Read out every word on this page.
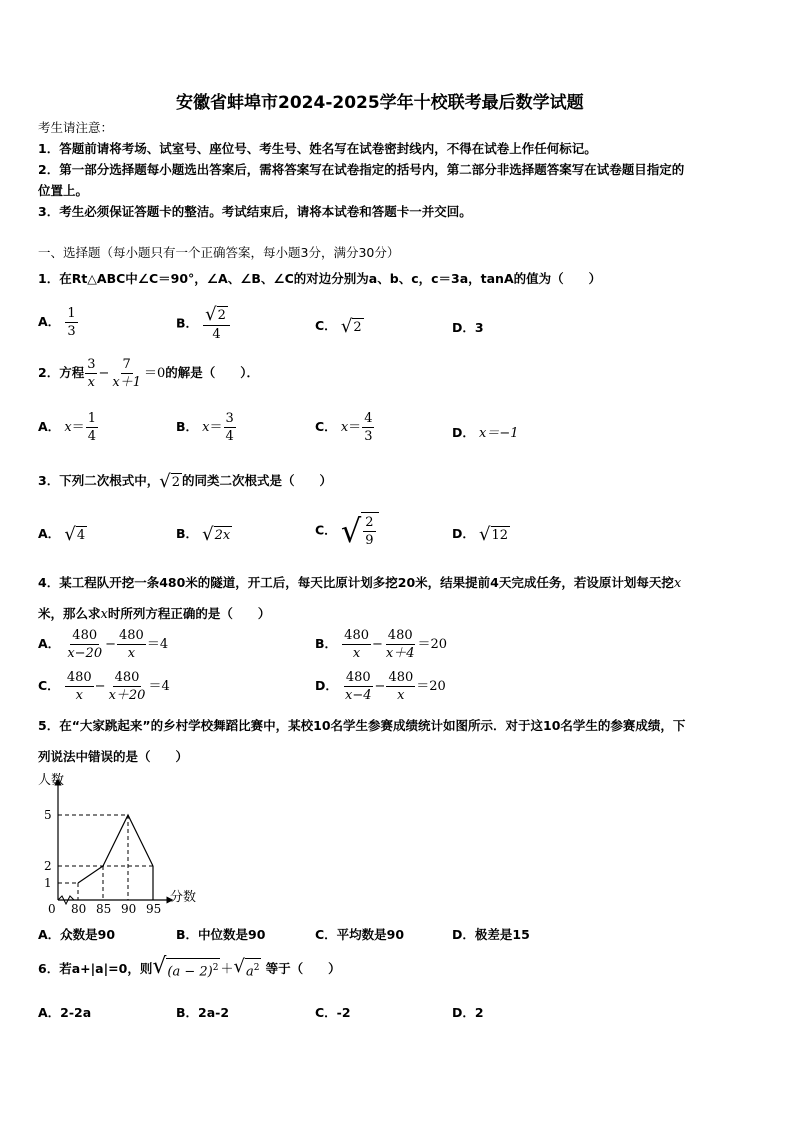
安徽省蚌埠市2024-2025学年十校联考最后数学试题
考生请注意：
1．答题前请将考场、试室号、座位号、考生号、姓名写在试卷密封线内，不得在试卷上作任何标记。
2．第一部分选择题每小题选出答案后，需将答案写在试卷指定的括号内，第二部分非选择题答案写在试卷题目指定的
位置上。
3．考生必须保证答题卡的整洁。考试结束后，请将本试卷和答题卡一并交回。
一、选择题（每小题只有一个正确答案，每小题3分，满分30分）
1．在Rt△ABC中∠C＝90°，∠A、∠B、∠C的对边分别为a、b、c，c＝3a，tanA的值为（　　）
A． $\frac{1}{3}$	B． $\frac{√ 2}{4}$	C． √ 2	D．3
2．方程 $\frac{3}{x} - \frac{7}{x+1} =0$的解是（　　）．
A． $x= \frac{1}{4}$	B． $x= \frac{3}{4}$	C． $x= \frac{4}{3}$	D． x＝−1
3．下列二次根式中， √ 2 的同类二次根式是（　　）
A． √ 4	B． √ 2x	C． √ $\frac{2}{9}$	D． √ 12
4．某工程队开挖一条480米的隧道，开工后，每天比原计划多挖20米，结果提前4天完成任务，若设原计划每天挖x
米，那么求x时所列方程正确的是（　　）
A． $\frac{480}{x-20} - \frac{480}{x} =4$	B． $\frac{480}{x} - \frac{480}{x+4} =20$
C． $\frac{480}{x} - \frac{480}{x+20} =4$	D． $\frac{480}{x-4} - \frac{480}{x} =20$
5．在“大家跳起来”的乡村学校舞蹈比赛中，某校10名学生参赛成绩统计如图所示．对于这10名学生的参赛成绩，下
列说法中错误的是（　　）
人数
分数
0 80 85 90 95
1
2
5
A．众数是90	B．中位数是90	C．平均数是90	D．极差是15
6．若a+|a|=0，则 √ $(a - 2)^2$ ＋ √ $a^2$ 等于（　　）
A．2-2a	B．2a-2	C．-2	D．2
